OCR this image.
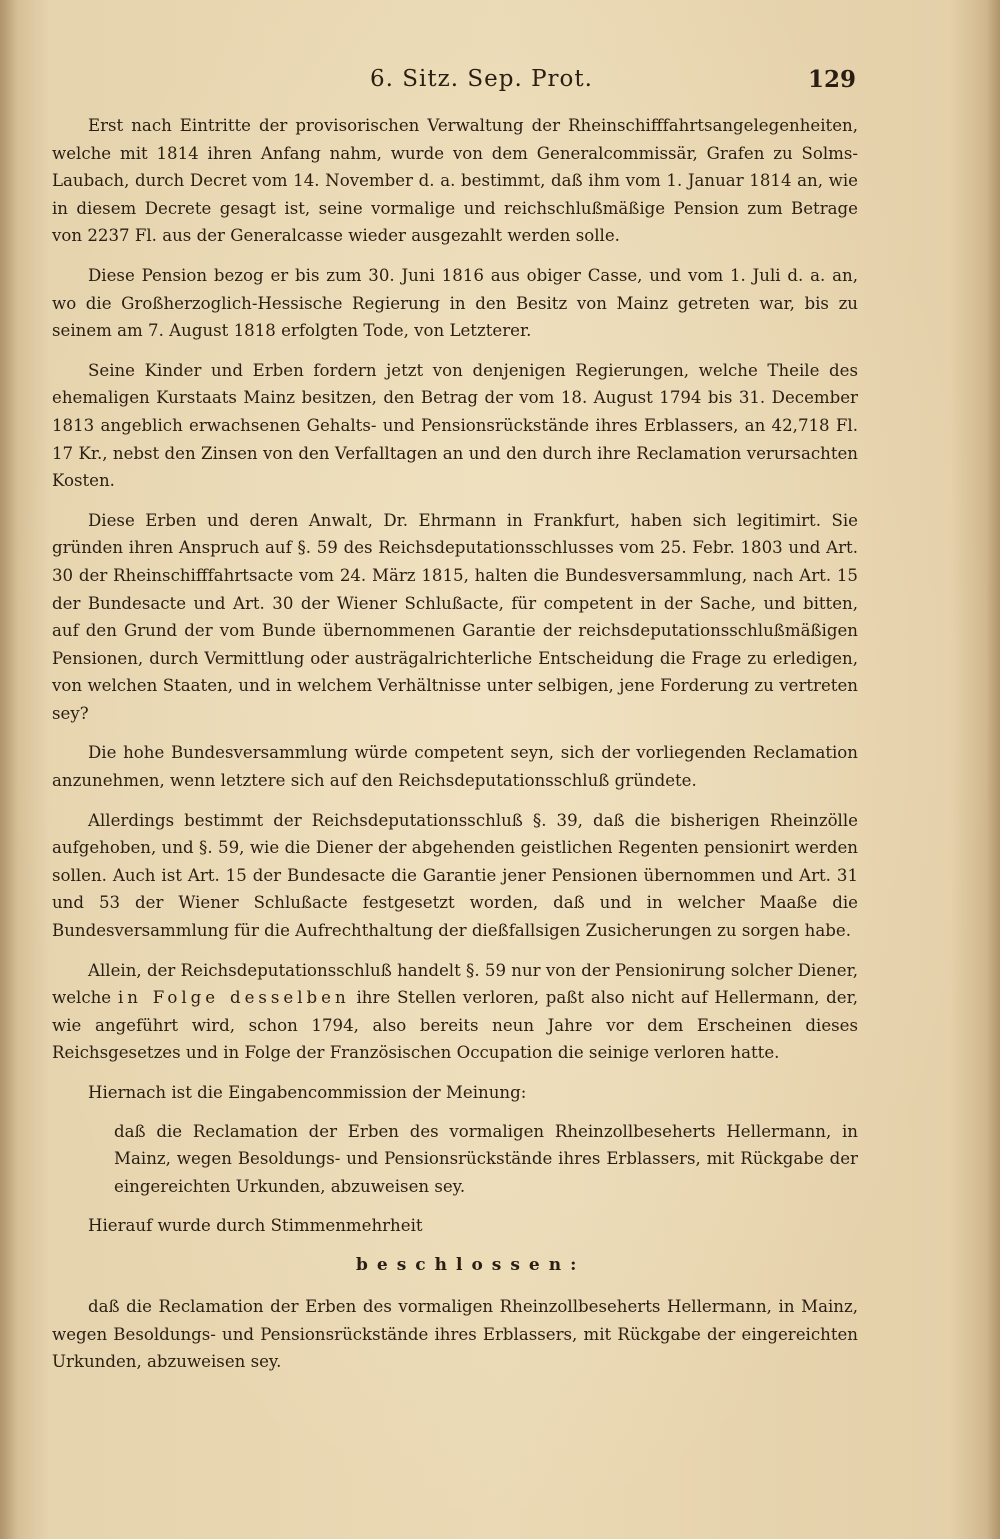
6. Sitz. Sep. Prot.	129

Erst nach Eintritte der provisorischen Verwaltung der Rheinschifffahrtsangelegenheiten, welche mit 1814 ihren Anfang nahm, wurde von dem Generalcommissär, Grafen zu Solms-Laubach, durch Decret vom 14. November d. a. bestimmt, daß ihm vom 1. Januar 1814 an, wie in diesem Decrete gesagt ist, seine vormalige und reichschlußmäßige Pension zum Betrage von 2237 Fl. aus der Generalcasse wieder ausgezahlt werden solle.

Diese Pension bezog er bis zum 30. Juni 1816 aus obiger Casse, und vom 1. Juli d. a. an, wo die Großherzoglich-Hessische Regierung in den Besitz von Mainz getreten war, bis zu seinem am 7. August 1818 erfolgten Tode, von Letzterer.

Seine Kinder und Erben fordern jetzt von denjenigen Regierungen, welche Theile des ehemaligen Kurstaats Mainz besitzen, den Betrag der vom 18. August 1794 bis 31. December 1813 angeblich erwachsenen Gehalts- und Pensionsrückstände ihres Erblassers, an 42,718 Fl. 17 Kr., nebst den Zinsen von den Verfalltagen an und den durch ihre Reclamation verursachten Kosten.

Diese Erben und deren Anwalt, Dr. Ehrmann in Frankfurt, haben sich legitimirt. Sie gründen ihren Anspruch auf §. 59 des Reichsdeputationsschlusses vom 25. Febr. 1803 und Art. 30 der Rheinschifffahrtsacte vom 24. März 1815, halten die Bundesversammlung, nach Art. 15 der Bundesacte und Art. 30 der Wiener Schlußacte, für competent in der Sache, und bitten, auf den Grund der vom Bunde übernommenen Garantie der reichsdeputationsschlußmäßigen Pensionen, durch Vermittlung oder austrägalrichterliche Entscheidung die Frage zu erledigen, von welchen Staaten, und in welchem Verhältnisse unter selbigen, jene Forderung zu vertreten sey?

Die hohe Bundesversammlung würde competent seyn, sich der vorliegenden Reclamation anzunehmen, wenn letztere sich auf den Reichsdeputationsschluß gründete.

Allerdings bestimmt der Reichsdeputationsschluß §. 39, daß die bisherigen Rheinzölle aufgehoben, und §. 59, wie die Diener der abgehenden geistlichen Regenten pensionirt werden sollen. Auch ist Art. 15 der Bundesacte die Garantie jener Pensionen übernommen und Art. 31 und 53 der Wiener Schlußacte festgesetzt worden, daß und in welcher Maaße die Bundesversammlung für die Aufrechthaltung der dießfallsigen Zusicherungen zu sorgen habe.

Allein, der Reichsdeputationsschluß handelt §. 59 nur von der Pensionirung solcher Diener, welche in Folge desselben ihre Stellen verloren, paßt also nicht auf Hellermann, der, wie angeführt wird, schon 1794, also bereits neun Jahre vor dem Erscheinen dieses Reichsgesetzes und in Folge der Französischen Occupation die seinige verloren hatte.

Hiernach ist die Eingabencommission der Meinung:

daß die Reclamation der Erben des vormaligen Rheinzollbeseherts Hellermann, in Mainz, wegen Besoldungs- und Pensionsrückstände ihres Erblassers, mit Rückgabe der eingereichten Urkunden, abzuweisen sey.

Hierauf wurde durch Stimmenmehrheit

beschlossen:

daß die Reclamation der Erben des vormaligen Rheinzollbeseherts Hellermann, in Mainz, wegen Besoldungs- und Pensionsrückstände ihres Erblassers, mit Rückgabe der eingereichten Urkunden, abzuweisen sey.
